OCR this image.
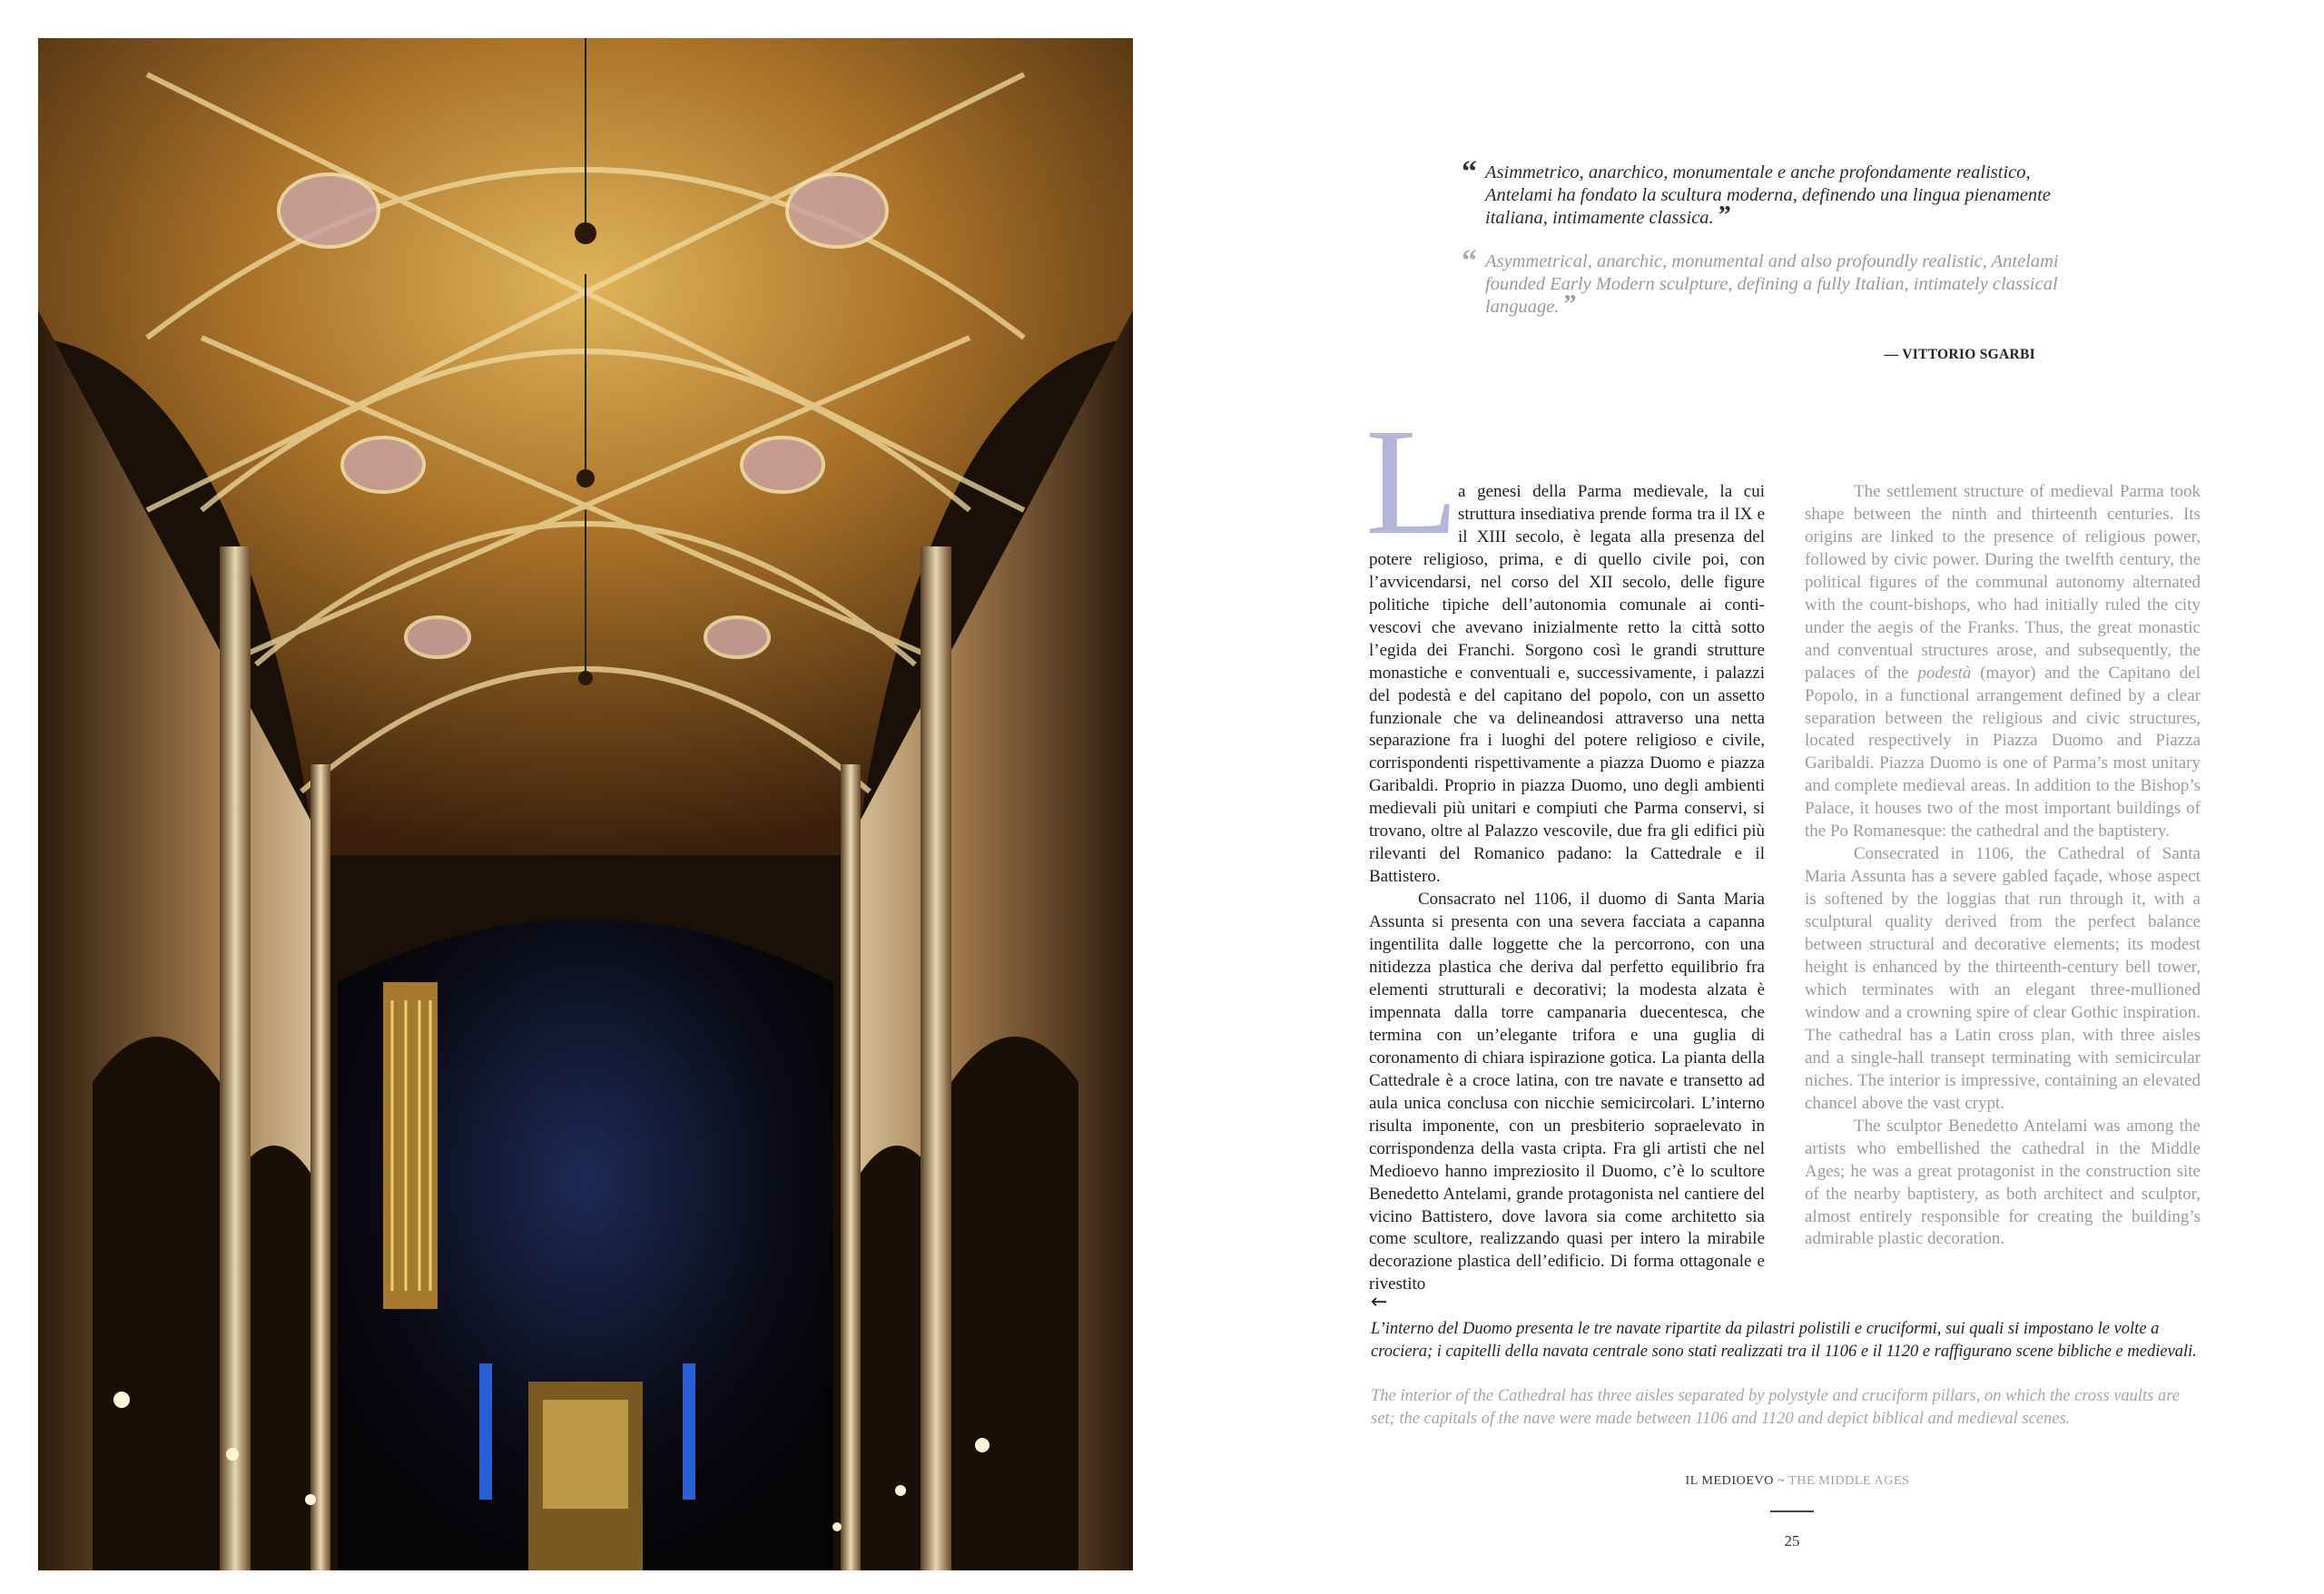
“ Asimmetrico, anarchico, monumentale e anche profondamente realistico, Antelami ha fondato la scultura moderna, definendo una lingua pienamente italiana, intimamente classica. ”

“ Asymmetrical, anarchic, monumental and also profoundly realistic, Antelami founded Early Modern sculpture, defining a fully Italian, intimately classical language. ”

— VITTORIO SGARBI
L a genesi della Parma medievale, la cui struttura insediativa prende forma tra il IX e il XIII secolo, è legata alla presenza del potere religioso, prima, e di quello civile poi, con l’avvicendarsi, nel corso del XII secolo, delle figure politiche tipiche dell’autonomia comunale ai conti-vescovi che avevano inizialmente retto la città sotto l’egida dei Franchi. Sorgono così le grandi strutture monastiche e conventuali e, successivamente, i palazzi del podestà e del capitano del popolo, con un assetto funzionale che va delineandosi attraverso una netta separazione fra i luoghi del potere religioso e civile, corrispondenti rispettivamente a piazza Duomo e piazza Garibaldi. Proprio in piazza Duomo, uno degli ambienti medievali più unitari e compiuti che Parma conservi, si trovano, oltre al Palazzo vescovile, due fra gli edifici più rilevanti del Romanico padano: la Cattedrale e il Battistero.

Consacrato nel 1106, il duomo di Santa Maria Assunta si presenta con una severa facciata a capanna ingentilita dalle loggette che la percorrono, con una nitidezza plastica che deriva dal perfetto equilibrio fra elementi strutturali e decorativi; la modesta alzata è impennata dalla torre campanaria duecentesca, che termina con un’elegante trifora e una guglia di coronamento di chiara ispirazione gotica. La pianta della Cattedrale è a croce latina, con tre navate e transetto ad aula unica conclusa con nicchie semicircolari. L’interno risulta imponente, con un presbiterio sopraelevato in corrispondenza della vasta cripta. Fra gli artisti che nel Medioevo hanno impreziosito il Duomo, c’è lo scultore Benedetto Antelami, grande protagonista nel cantiere del vicino Battistero, dove lavora sia come architetto sia come scultore, realizzando quasi per intero la mirabile decorazione plastica dell’edificio. Di forma ottagonale e rivestito

The settlement structure of medieval Parma took shape between the ninth and thirteenth centuries. Its origins are linked to the presence of religious power, followed by civic power. During the twelfth century, the political figures of the communal autonomy alternated with the count-bishops, who had initially ruled the city under the aegis of the Franks. Thus, the great monastic and conventual structures arose, and subsequently, the palaces of the podestà (mayor) and the Capitano del Popolo, in a functional arrangement defined by a clear separation between the religious and civic structures, located respectively in Piazza Duomo and Piazza Garibaldi. Piazza Duomo is one of Parma’s most unitary and complete medieval areas. In addition to the Bishop’s Palace, it houses two of the most important buildings of the Po Romanesque: the cathedral and the baptistery.

Consecrated in 1106, the Cathedral of Santa Maria Assunta has a severe gabled façade, whose aspect is softened by the loggias that run through it, with a sculptural quality derived from the perfect balance between structural and decorative elements; its modest height is enhanced by the thirteenth-century bell tower, which terminates with an elegant three-mullioned window and a crowning spire of clear Gothic inspiration. The cathedral has a Latin cross plan, with three aisles and a single-hall transept terminating with semicircular niches. The interior is impressive, containing an elevated chancel above the vast crypt.

The sculptor Benedetto Antelami was among the artists who embellished the cathedral in the Middle Ages; he was a great protagonist in the construction site of the nearby baptistery, as both architect and sculptor, almost entirely responsible for creating the building’s admirable plastic decoration.

←

L’interno del Duomo presenta le tre navate ripartite da pilastri polistili e cruciformi, sui quali si impostano le volte a crociera; i capitelli della navata centrale sono stati realizzati tra il 1106 e il 1120 e raffigurano scene bibliche e medievali.

The interior of the Cathedral has three aisles separated by polystyle and cruciform pillars, on which the cross vaults are set; the capitals of the nave were made between 1106 and 1120 and depict biblical and medieval scenes.

IL MEDIOEVO ~ THE MIDDLE AGES
25
